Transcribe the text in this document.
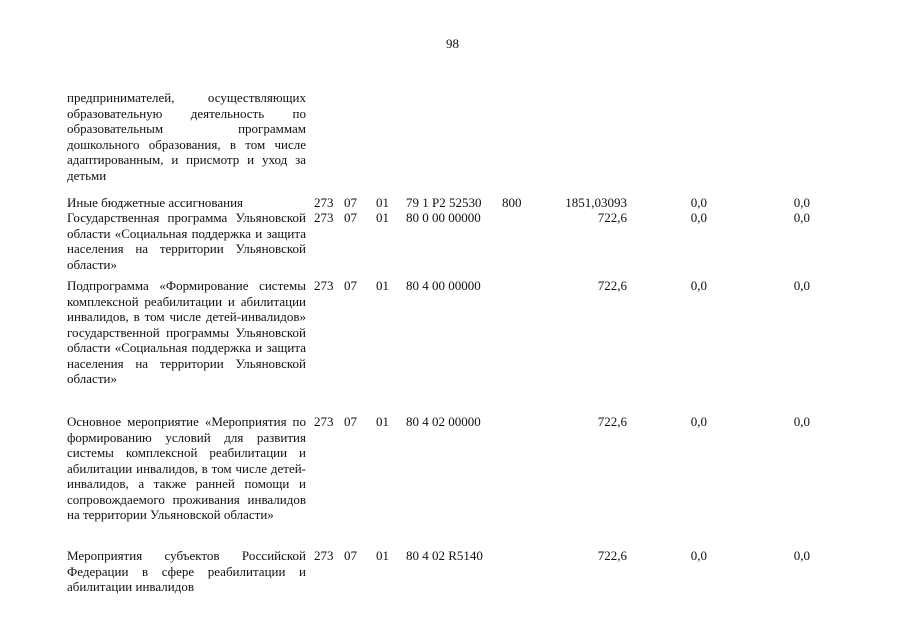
98
предпринимателей, осуществляющих образовательную деятельность по образовательным программам дошкольного образования, в том числе адаптированным, и присмотр и уход за детьми
Иные бюджетные ассигнования	273 07 01 79 1 Р2 52530 800	1851,03093	0,0	0,0
Государственная программа Ульяновской области «Социальная поддержка и защита населения на территории Ульяновской области»
273 07 01 80 0 00 00000	722,6	0,0	0,0
Подпрограмма «Формирование системы комплексной реабилитации и абилитации инвалидов, в том числе детей-инвалидов» государственной программы Ульяновской области «Социальная поддержка и защита населения на территории Ульяновской области»
273 07 01 80 4 00 00000	722,6	0,0	0,0
Основное мероприятие «Мероприятия по формированию условий для развития системы комплексной реабилитации и абилитации инвалидов, в том числе детей-инвалидов, а также ранней помощи и сопровождаемого проживания инвалидов на территории Ульяновской области»
273 07 01 80 4 02 00000	722,6	0,0	0,0
Мероприятия субъектов Российской Федерации в сфере реабилитации и абилитации инвалидов
273 07 01 80 4 02 R5140	722,6	0,0	0,0
